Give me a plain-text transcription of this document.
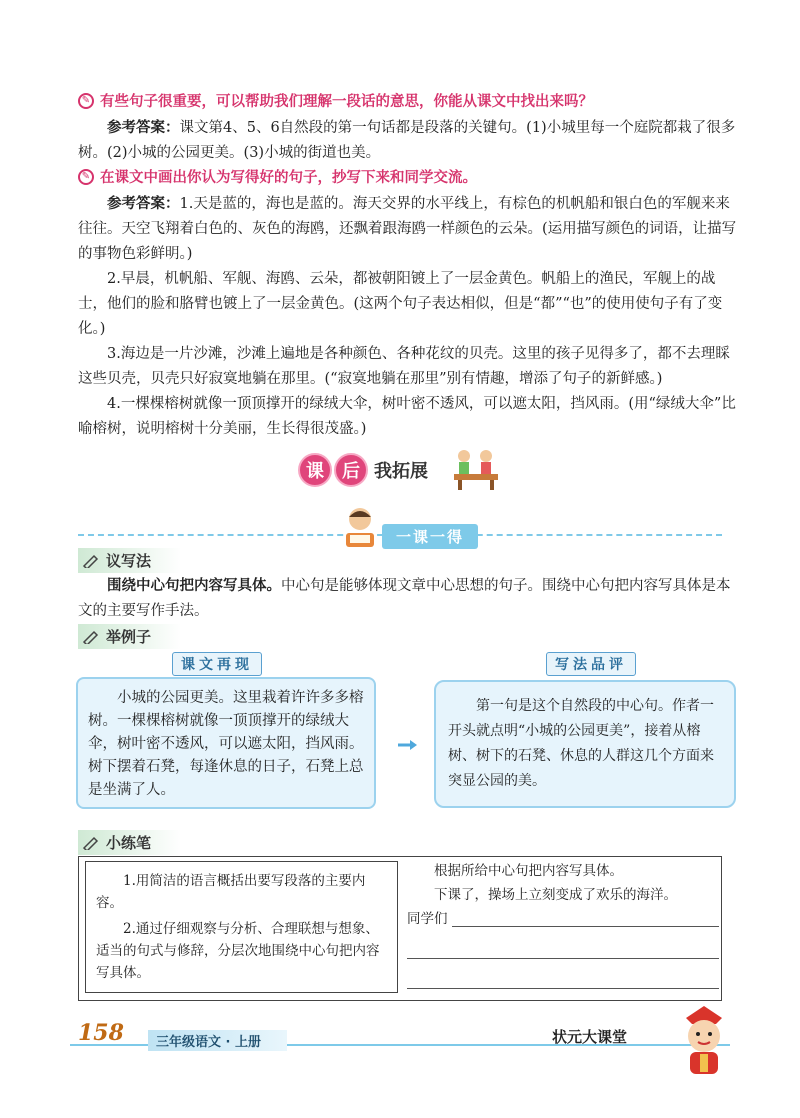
✎ 有些句子很重要，可以帮助我们理解一段话的意思，你能从课文中找出来吗？

参考答案：课文第4、5、6自然段的第一句话都是段落的关键句。(1)小城里每一个庭院都栽了很多树。(2)小城的公园更美。(3)小城的街道也美。

✎ 在课文中画出你认为写得好的句子，抄写下来和同学交流。

参考答案：1.天是蓝的，海也是蓝的。海天交界的水平线上，有棕色的机帆船和银白色的军舰来来往往。天空飞翔着白色的、灰色的海鸥，还飘着跟海鸥一样颜色的云朵。(运用描写颜色的词语，让描写的事物色彩鲜明。)

2.早晨，机帆船、军舰、海鸥、云朵，都被朝阳镀上了一层金黄色。帆船上的渔民，军舰上的战士，他们的脸和胳臂也镀上了一层金黄色。(这两个句子表达相似，但是“都”“也”的使用使句子有了变化。)

3.海边是一片沙滩，沙滩上遍地是各种颜色、各种花纹的贝壳。这里的孩子见得多了，都不去理睬这些贝壳，贝壳只好寂寞地躺在那里。(“寂寞地躺在那里”别有情趣，增添了句子的新鲜感。)

4.一棵棵榕树就像一顶顶撑开的绿绒大伞，树叶密不透风，可以遮太阳，挡风雨。(用“绿绒大伞”比喻榕树，说明榕树十分美丽，生长得很茂盛。)

课	后 我拓展
一课一得
议写法

围绕中心句把内容写具体。中心句是能够体现文章中心思想的句子。围绕中心句把内容写具体是本文的主要写作手法。

举例子
课文再现	写法品评

小城的公园更美。这里栽着许许多多榕树。一棵棵榕树就像一顶顶撑开的绿绒大伞，树叶密不透风，可以遮太阳，挡风雨。树下摆着石凳，每逢休息的日子，石凳上总是坐满了人。

第一句是这个自然段的中心句。作者一开头就点明“小城的公园更美”，接着从榕树、树下的石凳、休息的人群这几个方面来突显公园的美。

小练笔

1.用简洁的语言概括出要写段落的主要内容。

2.通过仔细观察与分析、合理联想与想象、适当的句式与修辞，分层次地围绕中心句把内容写具体。

根据所给中心句把内容写具体。

下课了，操场上立刻变成了欢乐的海洋。

同学们
158	三年级语文 · 上册	状元大课堂
